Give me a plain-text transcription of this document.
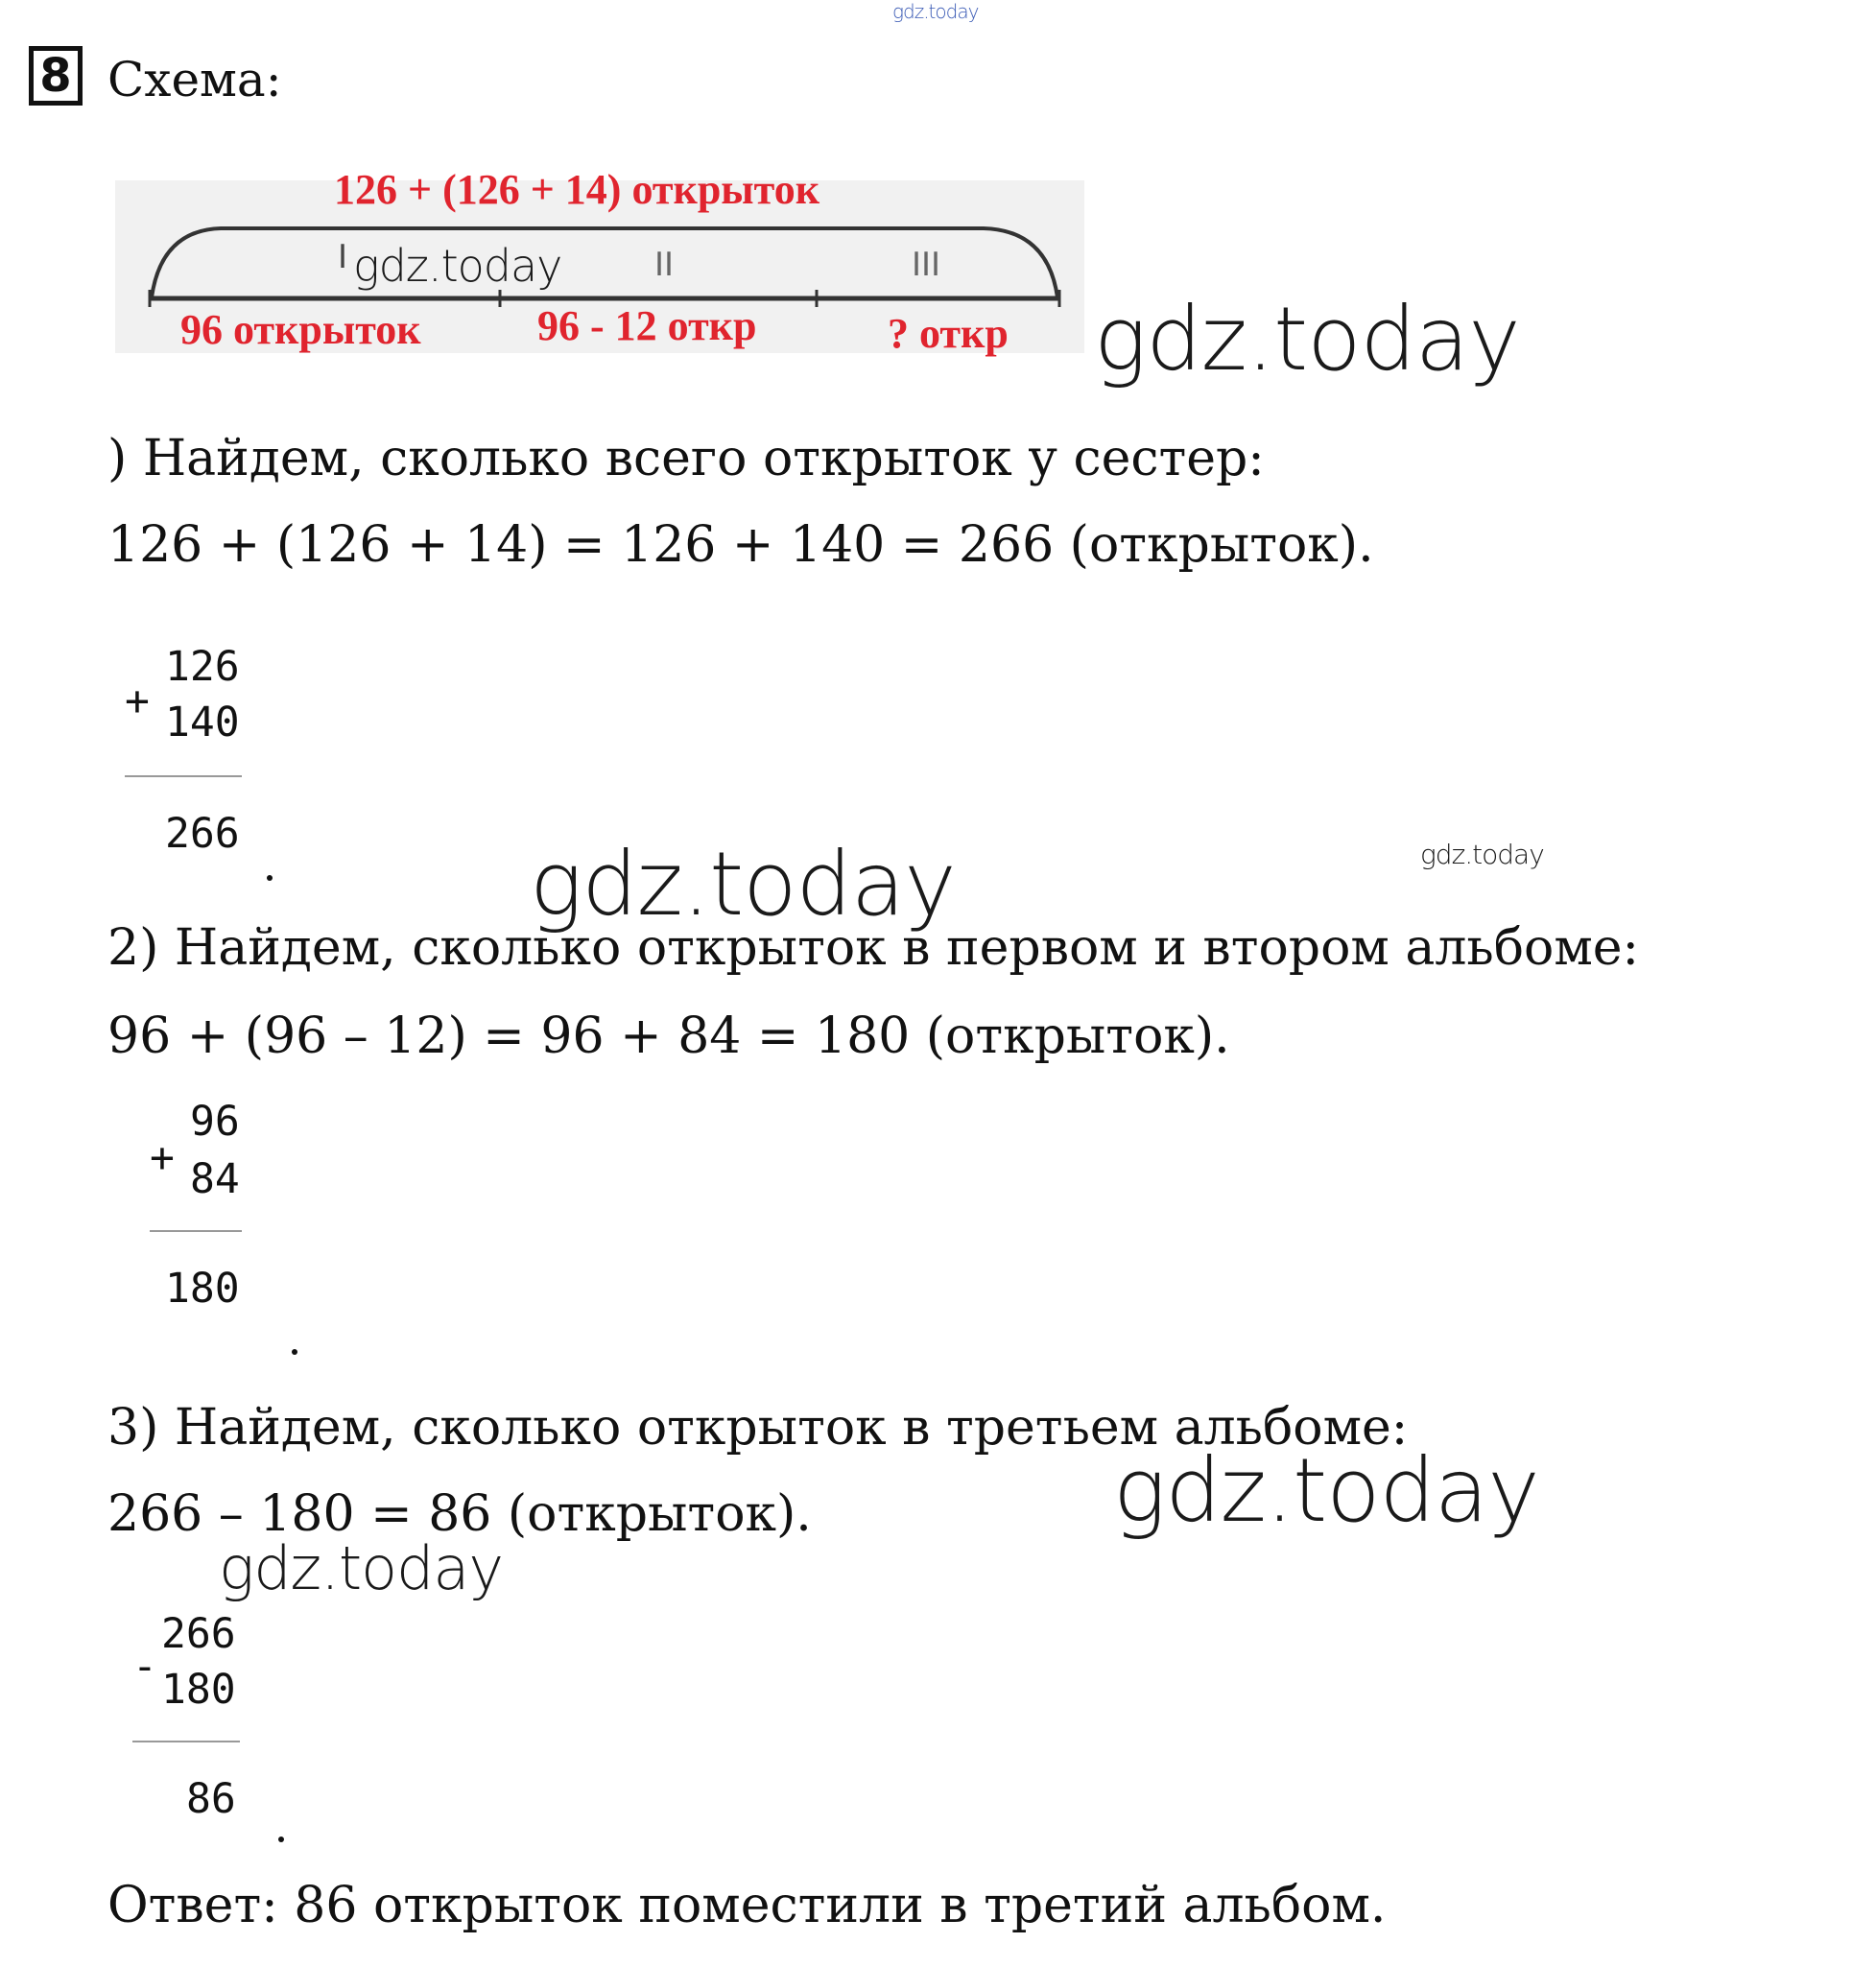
8 Схема:
gdz.today
126 + (126 + 14) открыток
I gdz.today	II	III
96 открыток	96 - 12 откр	? откр gdz.today
) Найдем, сколько всего открыток у сестер:
126 + (126 + 14) = 126 + 140 = 266 (открыток).
+
126
140
266	gdz.today	gdz.today
2) Найдем, сколько открыток в первом и втором альбоме:
96 + (96 – 12) = 96 + 84 = 180 (открыток).
+
96
84
180
3) Найдем, сколько открыток в третьем альбоме:
gdz.today
266 – 180 = 86 (открыток).
gdz.today
-
266
180
86
Ответ: 86 открыток поместили в третий альбом.
